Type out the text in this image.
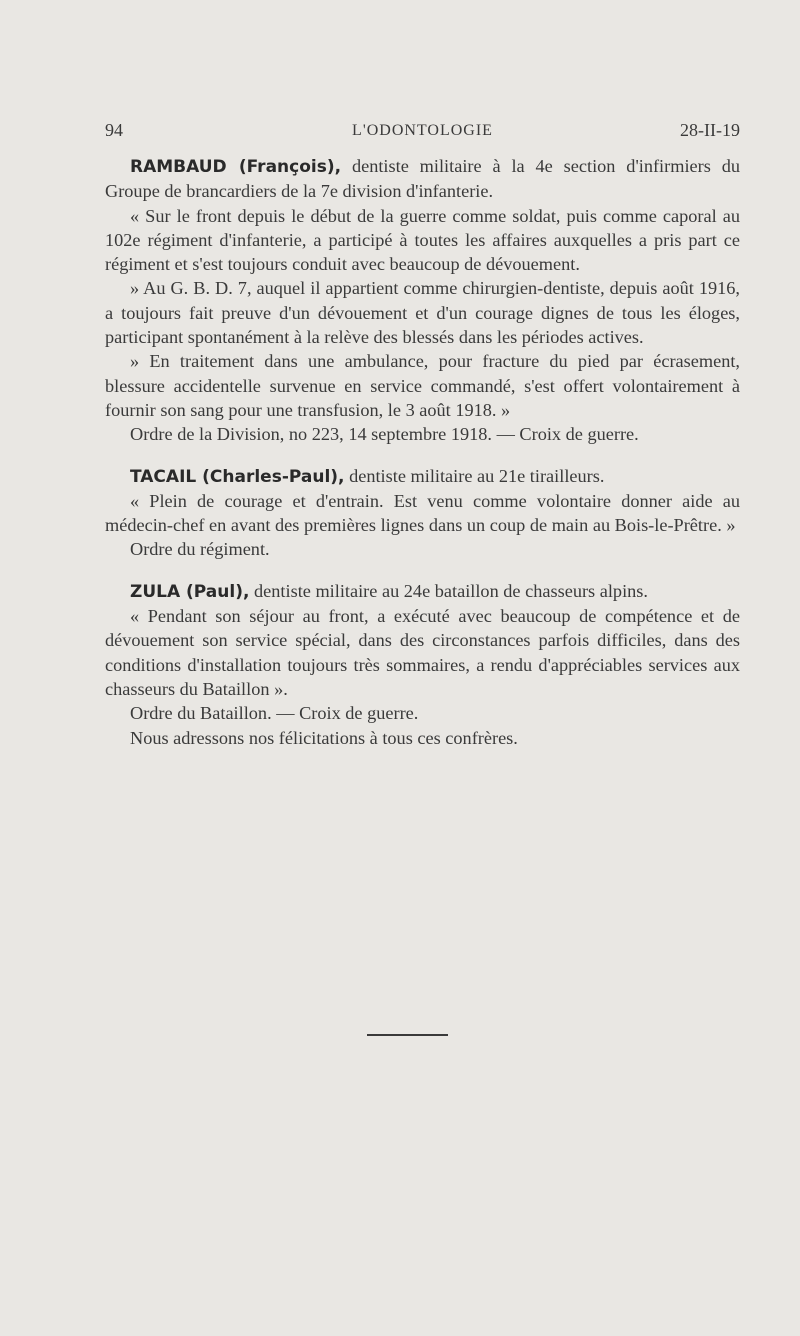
94	L'ODONTOLOGIE	28-II-19

RAMBAUD (François), dentiste militaire à la 4e section d'infirmiers du Groupe de brancardiers de la 7e division d'infanterie.

« Sur le front depuis le début de la guerre comme soldat, puis comme caporal au 102e régiment d'infanterie, a participé à toutes les affaires auxquelles a pris part ce régiment et s'est toujours conduit avec beaucoup de dévouement.

» Au G. B. D. 7, auquel il appartient comme chirurgien-dentiste, depuis août 1916, a toujours fait preuve d'un dévouement et d'un courage dignes de tous les éloges, participant spontanément à la relève des blessés dans les périodes actives.

» En traitement dans une ambulance, pour fracture du pied par écrasement, blessure accidentelle survenue en service commandé, s'est offert volontairement à fournir son sang pour une transfusion, le 3 août 1918. »

Ordre de la Division, no 223, 14 septembre 1918. — Croix de guerre.

TACAIL (Charles-Paul), dentiste militaire au 21e tirailleurs.

« Plein de courage et d'entrain. Est venu comme volontaire donner aide au médecin-chef en avant des premières lignes dans un coup de main au Bois-le-Prêtre. »

Ordre du régiment.

ZULA (Paul), dentiste militaire au 24e bataillon de chasseurs alpins.

« Pendant son séjour au front, a exécuté avec beaucoup de compétence et de dévouement son service spécial, dans des circonstances parfois difficiles, dans des conditions d'installation toujours très sommaires, a rendu d'appréciables services aux chasseurs du Bataillon ».

Ordre du Bataillon. — Croix de guerre.

Nous adressons nos félicitations à tous ces confrères.
